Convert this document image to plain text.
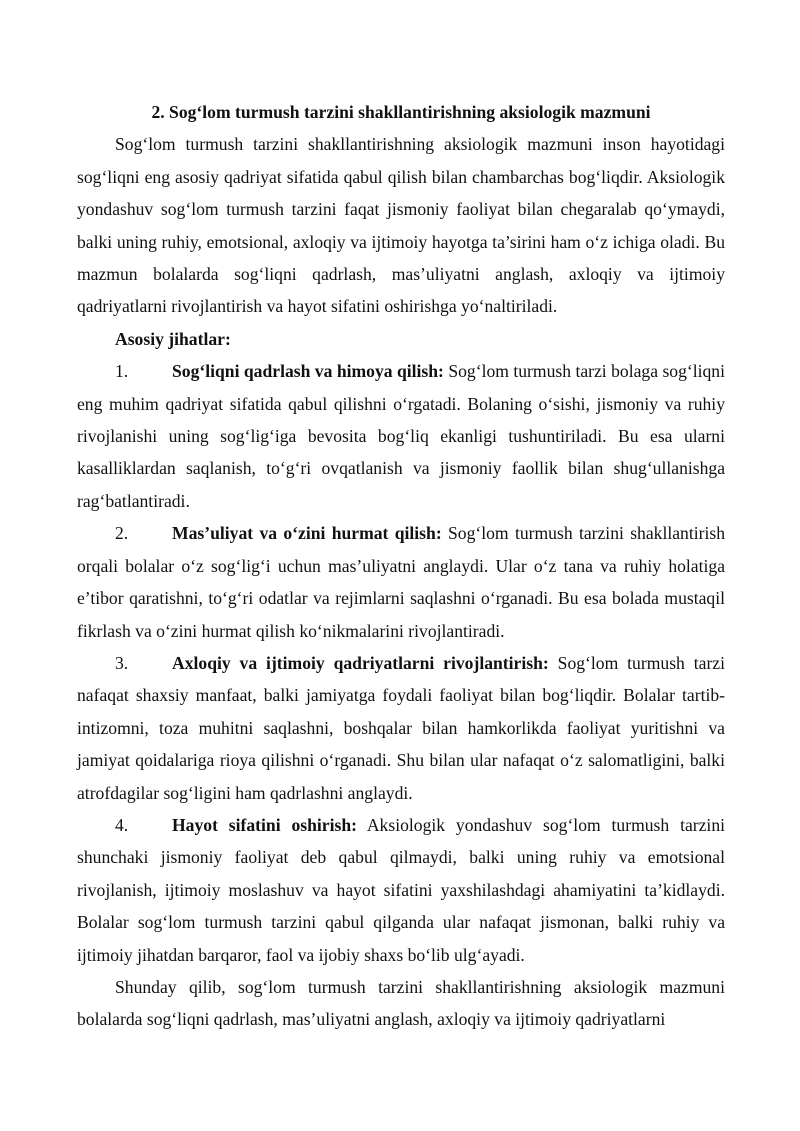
2. Sog‘lom turmush tarzini shakllantirishning aksiologik mazmuni

Sog‘lom turmush tarzini shakllantirishning aksiologik mazmuni inson hayotidagi sog‘liqni eng asosiy qadriyat sifatida qabul qilish bilan chambarchas bog‘liqdir. Aksiologik yondashuv sog‘lom turmush tarzini faqat jismoniy faoliyat bilan chegaralab qo‘ymaydi, balki uning ruhiy, emotsional, axloqiy va ijtimoiy hayotga ta’sirini ham o‘z ichiga oladi. Bu mazmun bolalarda sog‘liqni qadrlash, mas’uliyatni anglash, axloqiy va ijtimoiy qadriyatlarni rivojlantirish va hayot sifatini oshirishga yo‘naltiriladi.

Asosiy jihatlar:

1. Sog‘liqni qadrlash va himoya qilish: Sog‘lom turmush tarzi bolaga sog‘liqni eng muhim qadriyat sifatida qabul qilishni o‘rgatadi. Bolaning o‘sishi, jismoniy va ruhiy rivojlanishi uning sog‘lig‘iga bevosita bog‘liq ekanligi tushuntiriladi. Bu esa ularni kasalliklardan saqlanish, to‘g‘ri ovqatlanish va jismoniy faollik bilan shug‘ullanishga rag‘batlantiradi.

2. Mas’uliyat va o‘zini hurmat qilish: Sog‘lom turmush tarzini shakllantirish orqali bolalar o‘z sog‘lig‘i uchun mas’uliyatni anglaydi. Ular o‘z tana va ruhiy holatiga e’tibor qaratishni, to‘g‘ri odatlar va rejimlarni saqlashni o‘rganadi. Bu esa bolada mustaqil fikrlash va o‘zini hurmat qilish ko‘nikmalarini rivojlantiradi.

3. Axloqiy va ijtimoiy qadriyatlarni rivojlantirish: Sog‘lom turmush tarzi nafaqat shaxsiy manfaat, balki jamiyatga foydali faoliyat bilan bog‘liqdir. Bolalar tartib-intizomni, toza muhitni saqlashni, boshqalar bilan hamkorlikda faoliyat yuritishni va jamiyat qoidalariga rioya qilishni o‘rganadi. Shu bilan ular nafaqat o‘z salomatligini, balki atrofdagilar sog‘ligini ham qadrlashni anglaydi.

4. Hayot sifatini oshirish: Aksiologik yondashuv sog‘lom turmush tarzini shunchaki jismoniy faoliyat deb qabul qilmaydi, balki uning ruhiy va emotsional rivojlanish, ijtimoiy moslashuv va hayot sifatini yaxshilashdagi ahamiyatini ta’kidlaydi. Bolalar sog‘lom turmush tarzini qabul qilganda ular nafaqat jismonan, balki ruhiy va ijtimoiy jihatdan barqaror, faol va ijobiy shaxs bo‘lib ulg‘ayadi.

Shunday qilib, sog‘lom turmush tarzini shakllantirishning aksiologik mazmuni bolalarda sog‘liqni qadrlash, mas’uliyatni anglash, axloqiy va ijtimoiy qadriyatlarni
